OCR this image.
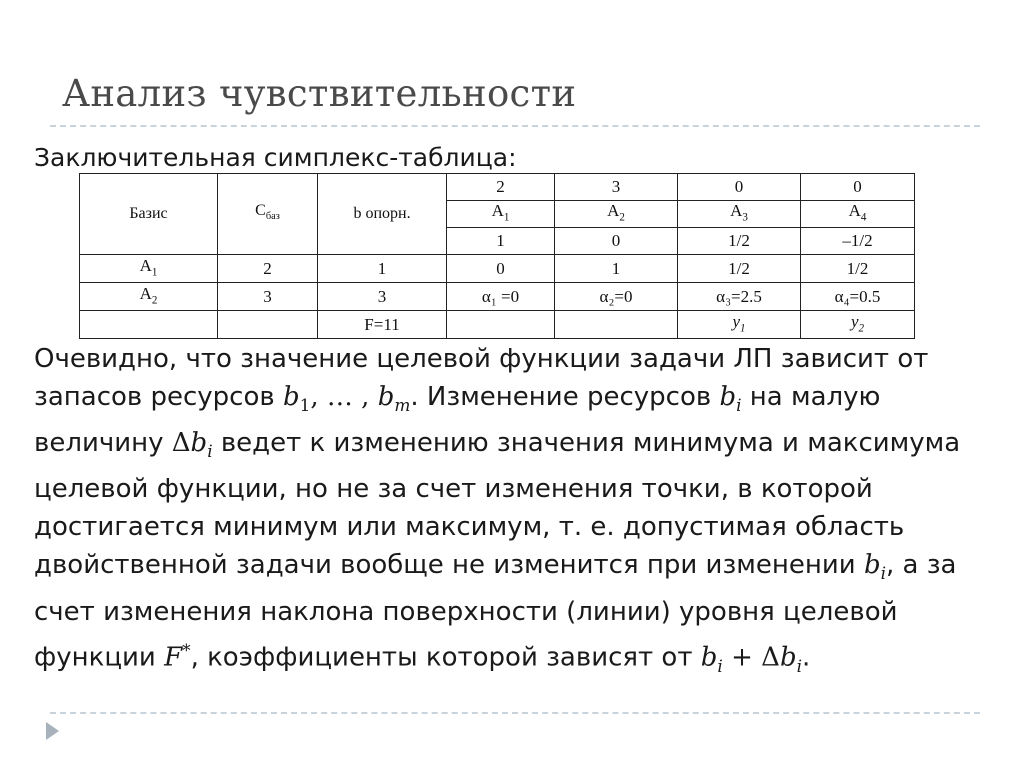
Анализ чувствительности
Заключительная симплекс-таблица:
Базис	$С_{баз}$	b опорн.	2	3	0	0
			$A_1$	$A_2$	$A_3$	$A_4$
			1	0	1/2	–1/2
$A_1$	2	1	0	1	1/2	1/2
$A_2$	3	3	α₁ =0	α₂=0	α₃=2.5	α₄=0.5
		F=11			$y_1$	$y_2$
Очевидно, что значение целевой функции задачи ЛП зависит от запасов ресурсов $b_1$, … , $b_m$. Изменение ресурсов $b_i$ на малую величину $\Delta b_i$ ведет к изменению значения минимума и максимума целевой функции, но не за счет изменения точки, в которой достигается минимум или максимум, т. е. допустимая область двойственной задачи вообще не изменится при изменении $b_i$, а за счет изменения наклона поверхности (линии) уровня целевой функции F*, коэффициенты которой зависят от $b_i + \Delta b_i$.
